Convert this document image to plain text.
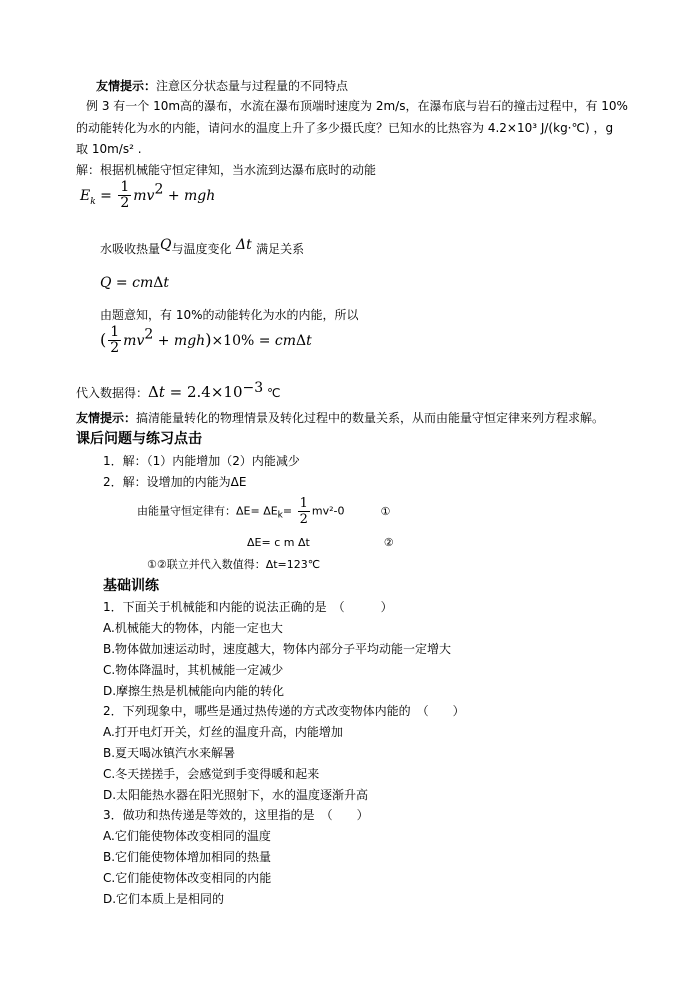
友情提示：注意区分状态量与过程量的不同特点
例 3 有一个 10m高的瀑布，水流在瀑布顶端时速度为 2m/s，在瀑布底与岩石的撞击过程中，有 10%
的动能转化为水的内能，请问水的温度上升了多少摄氏度？已知水的比热容为 4.2×10³ J/(kg·℃) ，g
取 10m/s² .
解：根据机械能守恒定律知，当水流到达瀑布底时的动能
$E_k = \frac{1}{2} mv^2$ + mgh
水吸收热量Q与温度变化 Δt 满足关系
Q = cmΔt
由题意知，有 10%的动能转化为水的内能，所以
( $\frac{1}{2} mv^2 + mgh)\times 10\% = cm\Delta t$
代入数据得：$\Delta t = 2.4\times 10^{-3}$ ℃
友情提示：搞清能量转化的物理情景及转化过程中的数量关系，从而由能量守恒定律来列方程求解。
课后问题与练习点击
1．解：（1）内能增加（2）内能减少
2．解：设增加的内能为ΔE
由能量守恒定律有：$\Delta E= \Delta E_k= \frac{1}{2} mv^2-0$	①
ΔE= c m Δt	②
①②联立并代入数值得：Δt=123℃
基础训练
1．下面关于机械能和内能的说法正确的是　（　　　）
A.机械能大的物体，内能一定也大
B.物体做加速运动时，速度越大，物体内部分子平均动能一定增大
C.物体降温时，其机械能一定减少
D.摩擦生热是机械能向内能的转化
2．下列现象中，哪些是通过热传递的方式改变物体内能的　（　　）
A.打开电灯开关，灯丝的温度升高，内能增加
B.夏天喝冰镇汽水来解暑
C.冬天搓搓手，会感觉到手变得暖和起来
D.太阳能热水器在阳光照射下，水的温度逐渐升高
3．做功和热传递是等效的，这里指的是　（　　）
A.它们能使物体改变相同的温度
B.它们能使物体增加相同的热量
C.它们能使物体改变相同的内能
D.它们本质上是相同的
